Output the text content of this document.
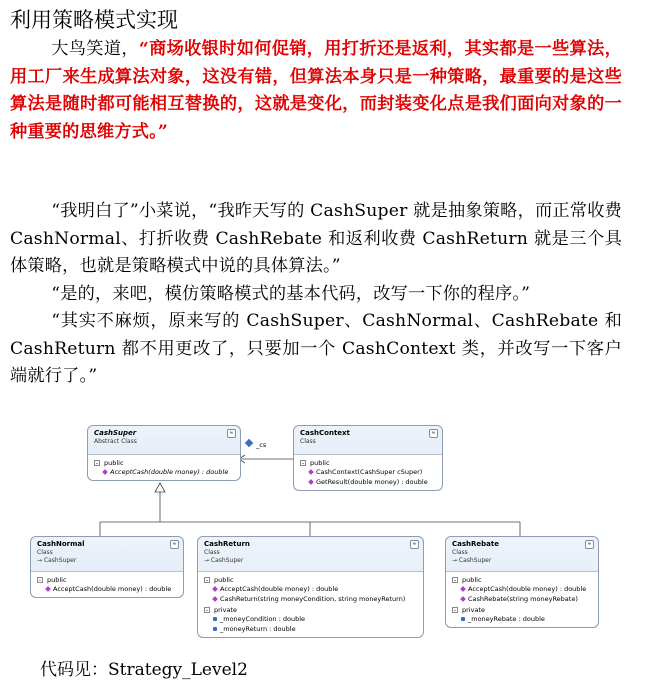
利用策略模式实现
大鸟笑道，“商场收银时如何促销，用打折还是返利，其实都是一些算法，用工厂来生成算法对象，这没有错，但算法本身只是一种策略，最重要的是这些算法是随时都可能相互替换的，这就是变化，而封装变化点是我们面向对象的一种重要的思维方式。”
“我明白了”小菜说，“我昨天写的 CashSuper 就是抽象策略，而正常收费 CashNormal、打折收费 CashRebate 和返利收费 CashReturn 就是三个具体策略，也就是策略模式中说的具体算法。”
“是的，来吧，模仿策略模式的基本代码，改写一下你的程序。”
“其实不麻烦，原来写的 CashSuper、CashNormal、CashRebate 和 CashReturn 都不用更改了，只要加一个 CashContext 类，并改写一下客户端就行了。”
_cs
≈
CashSuper
Abstract Class
- public
AcceptCash(double money) : double
≈
CashContext
Class
- public
CashContext(CashSuper cSuper)
GetResult(double money) : double
≈
CashNormal
Class
→ CashSuper
- public
AcceptCash(double money) : double
≈
CashReturn
Class
→ CashSuper
- public
AcceptCash(double money) : double
CashReturn(string moneyCondition, string moneyReturn)
- private
_moneyCondition : double
_moneyReturn : double
≈
CashRebate
Class
→ CashSuper
- public
AcceptCash(double money) : double
CashRebate(string moneyRebate)
- private
_moneyRebate : double
代码见：Strategy_Level2
